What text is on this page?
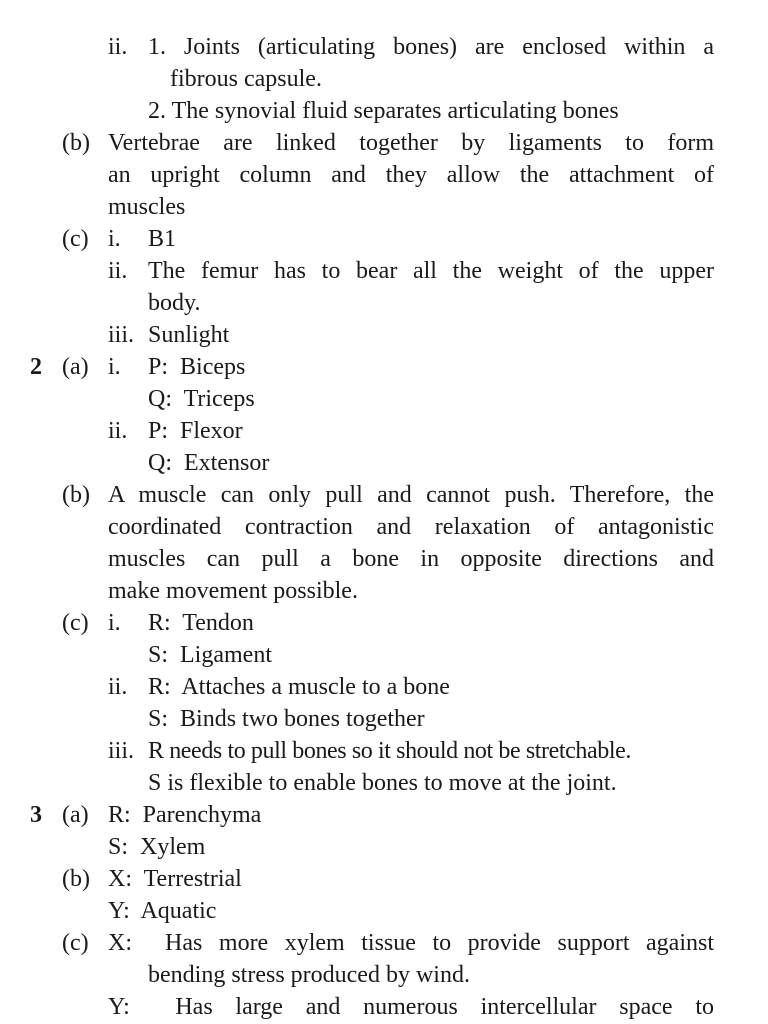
ii. 1. Joints (articulating bones) are enclosed within a
fibrous capsule.
2. The synovial fluid separates articulating bones
(b) Vertebrae are linked together by ligaments to form
an upright column and they allow the attachment of
muscles
(c) i. B1
ii. The femur has to bear all the weight of the upper
body.
iii. Sunlight
2 (a) i. P:  Biceps
Q:  Triceps
ii. P:  Flexor
Q:  Extensor
(b) A muscle can only pull and cannot push. Therefore, the
coordinated contraction and relaxation of antagonistic
muscles can pull a bone in opposite directions and
make movement possible.
(c) i. R:  Tendon
S:  Ligament
ii. R:  Attaches a muscle to a bone
S:  Binds two bones together
iii. R needs to pull bones so it should not be stretchable.
S is flexible to enable bones to move at the joint.
3 (a) R:  Parenchyma
S:  Xylem
(b) X:  Terrestrial
Y:  Aquatic
(c) X:  Has more xylem tissue to provide support against
bending stress produced by wind.
Y:  Has large and numerous intercellular space to
